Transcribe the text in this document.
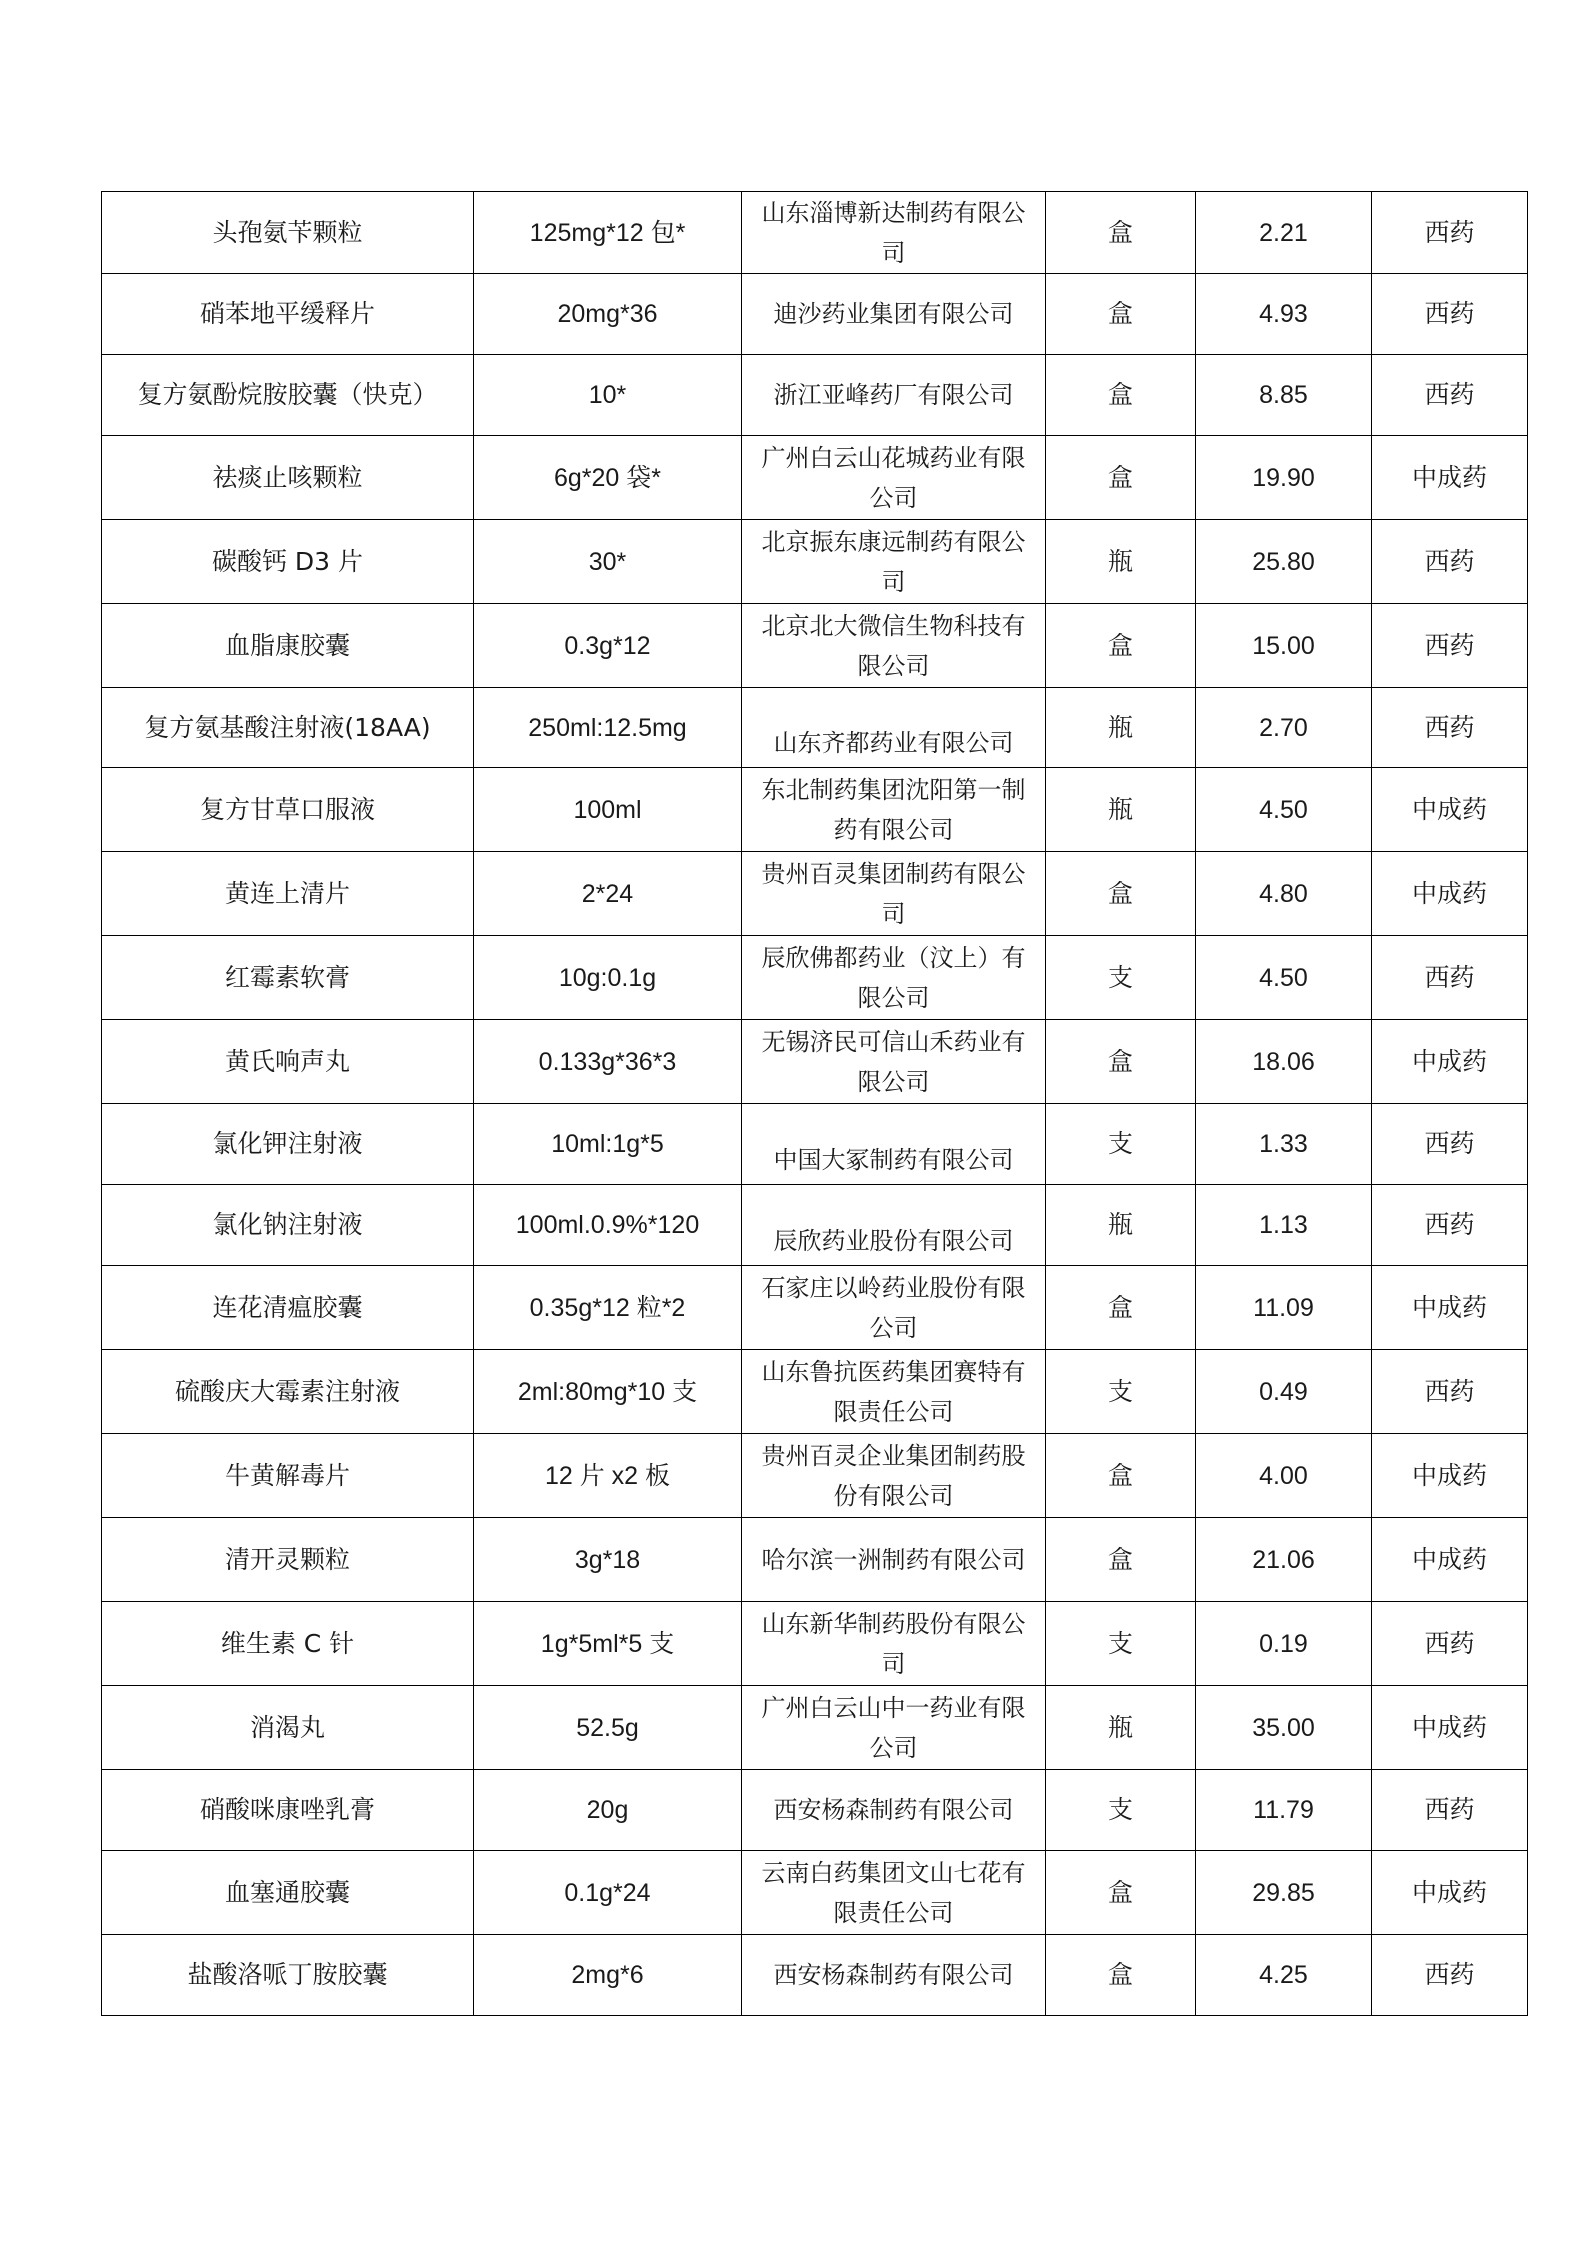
头孢氨苄颗粒	125mg*12 包*	山东淄博新达制药有限公司	盒	2.21	西药
硝苯地平缓释片	20mg*36	迪沙药业集团有限公司	盒	4.93	西药
复方氨酚烷胺胶囊（快克）	10*	浙江亚峰药厂有限公司	盒	8.85	西药
祛痰止咳颗粒	6g*20 袋*	广州白云山花城药业有限公司	盒	19.90	中成药
碳酸钙 D3 片	30*	北京振东康远制药有限公司	瓶	25.80	西药
血脂康胶囊	0.3g*12	北京北大微信生物科技有限公司	盒	15.00	西药
复方氨基酸注射液(18AA)	250ml:12.5mg	山东齐都药业有限公司	瓶	2.70	西药
复方甘草口服液	100ml	东北制药集团沈阳第一制药有限公司	瓶	4.50	中成药
黄连上清片	2*24	贵州百灵集团制药有限公司	盒	4.80	中成药
红霉素软膏	10g:0.1g	辰欣佛都药业（汶上）有限公司	支	4.50	西药
黄氏响声丸	0.133g*36*3	无锡济民可信山禾药业有限公司	盒	18.06	中成药
氯化钾注射液	10ml:1g*5	中国大冢制药有限公司	支	1.33	西药
氯化钠注射液	100ml.0.9%*120	辰欣药业股份有限公司	瓶	1.13	西药
连花清瘟胶囊	0.35g*12 粒*2	石家庄以岭药业股份有限公司	盒	11.09	中成药
硫酸庆大霉素注射液	2ml:80mg*10 支	山东鲁抗医药集团赛特有限责任公司	支	0.49	西药
牛黄解毒片	12 片 x2 板	贵州百灵企业集团制药股份有限公司	盒	4.00	中成药
清开灵颗粒	3g*18	哈尔滨一洲制药有限公司	盒	21.06	中成药
维生素 C 针	1g*5ml*5 支	山东新华制药股份有限公司	支	0.19	西药
消渴丸	52.5g	广州白云山中一药业有限公司	瓶	35.00	中成药
硝酸咪康唑乳膏	20g	西安杨森制药有限公司	支	11.79	西药
血塞通胶囊	0.1g*24	云南白药集团文山七花有限责任公司	盒	29.85	中成药
盐酸洛哌丁胺胶囊	2mg*6	西安杨森制药有限公司	盒	4.25	西药
